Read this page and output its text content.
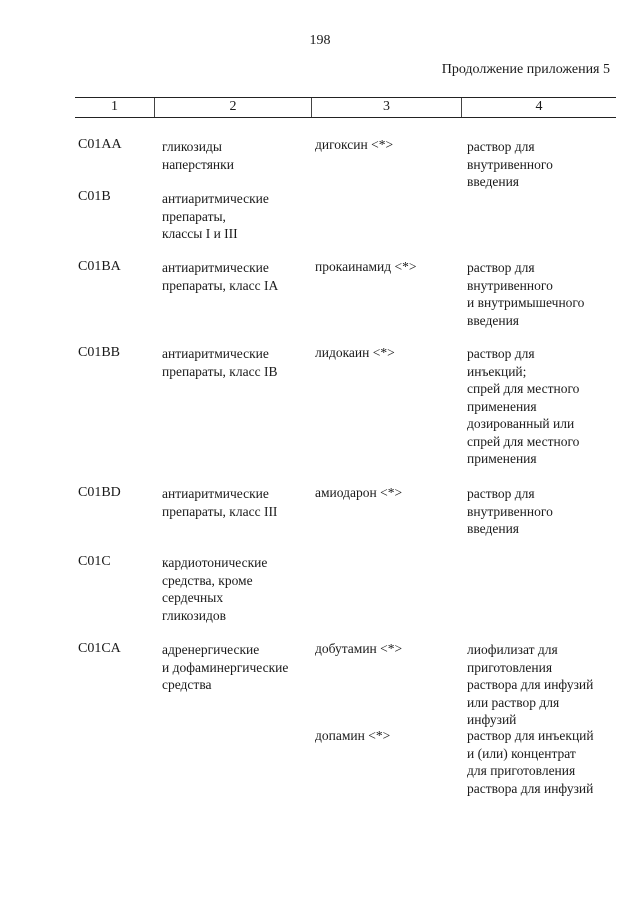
198
Продолжение приложения 5
1	2	3	4
C01AA	гликозиды
наперстянки
дигоксин <*>	раствор для
внутривенного
введения
C01B	антиаритмические
препараты,
классы I и III
C01BA	антиаритмические
препараты, класс IA
прокаинамид <*>	раствор для
внутривенного
и внутримышечного
введения
C01BB	антиаритмические
препараты, класс IB
лидокаин <*>	раствор для
инъекций;
спрей для местного
применения
дозированный или
спрей для местного
применения
C01BD	антиаритмические
препараты, класс III
амиодарон <*>	раствор для
внутривенного
введения
C01C	кардиотонические
средства, кроме
сердечных
гликозидов
C01CA	адренергические
и дофаминергические
средства
добутамин <*>	лиофилизат для
приготовления
раствора для инфузий
или раствор для
инфузий
допамин <*>	раствор для инъекций
и (или) концентрат
для приготовления
раствора для инфузий
